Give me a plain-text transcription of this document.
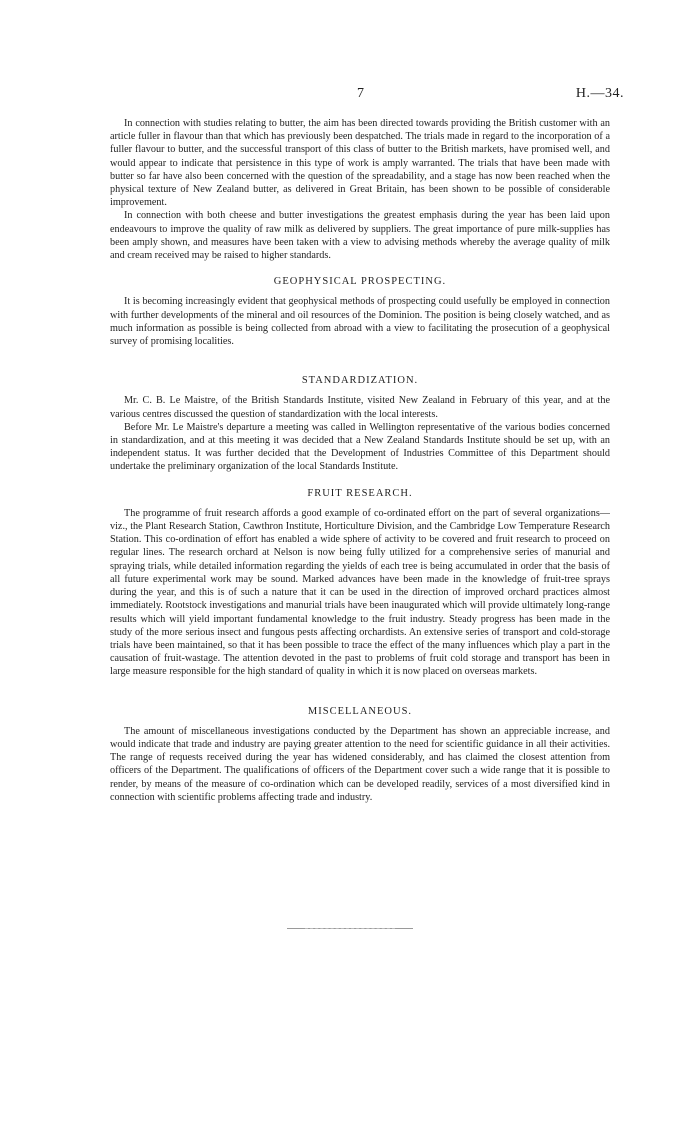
7	H.—34.

In connection with studies relating to butter, the aim has been directed towards providing the British customer with an article fuller in flavour than that which has previously been despatched. The trials made in regard to the incorporation of a fuller flavour to butter, and the successful transport of this class of butter to the British markets, have promised well, and would appear to indicate that persistence in this type of work is amply warranted. The trials that have been made with butter so far have also been concerned with the question of the spreadability, and a stage has now been reached when the physical texture of New Zealand butter, as delivered in Great Britain, has been shown to be possible of considerable improvement.

In connection with both cheese and butter investigations the greatest emphasis during the year has been laid upon endeavours to improve the quality of raw milk as delivered by suppliers. The great importance of pure milk-supplies has been amply shown, and measures have been taken with a view to advising methods whereby the average quality of milk and cream received may be raised to higher standards.

GEOPHYSICAL PROSPECTING.

It is becoming increasingly evident that geophysical methods of prospecting could usefully be employed in connection with further developments of the mineral and oil resources of the Dominion. The position is being closely watched, and as much information as possible is being collected from abroad with a view to facilitating the prosecution of a geophysical survey of promising localities.

STANDARDIZATION.

Mr. C. B. Le Maistre, of the British Standards Institute, visited New Zealand in February of this year, and at the various centres discussed the question of standardization with the local interests.

Before Mr. Le Maistre's departure a meeting was called in Wellington representative of the various bodies concerned in standardization, and at this meeting it was decided that a New Zealand Standards Institute should be set up, with an independent status. It was further decided that the Development of Industries Committee of this Department should undertake the preliminary organization of the local Standards Institute.

FRUIT RESEARCH.

The programme of fruit research affords a good example of co-ordinated effort on the part of several organizations—viz., the Plant Research Station, Cawthron Institute, Horticulture Division, and the Cambridge Low Temperature Research Station. This co-ordination of effort has enabled a wide sphere of activity to be covered and fruit research to proceed on regular lines. The research orchard at Nelson is now being fully utilized for a comprehensive series of manurial and spraying trials, while detailed information regarding the yields of each tree is being accumulated in order that the basis of all future experimental work may be sound. Marked advances have been made in the knowledge of fruit-tree sprays during the year, and this is of such a nature that it can be used in the direction of improved orchard practices almost immediately. Rootstock investigations and manurial trials have been inaugurated which will provide ultimately long-range results which will yield important fundamental knowledge to the fruit industry. Steady progress has been made in the study of the more serious insect and fungous pests affecting orchardists. An extensive series of transport and cold-storage trials have been maintained, so that it has been possible to trace the effect of the many influences which play a part in the causation of fruit-wastage. The attention devoted in the past to problems of fruit cold storage and transport has been in large measure responsible for the high standard of quality in which it is now placed on overseas markets.

MISCELLANEOUS.

The amount of miscellaneous investigations conducted by the Department has shown an appreciable increase, and would indicate that trade and industry are paying greater attention to the need for scientific guidance in all their activities. The range of requests received during the year has widened considerably, and has claimed the closest attention from officers of the Department. The qualifications of officers of the Department cover such a wide range that it is possible to render, by means of the measure of co-ordination which can be developed readily, services of a most diversified kind in connection with scientific problems affecting trade and industry.
